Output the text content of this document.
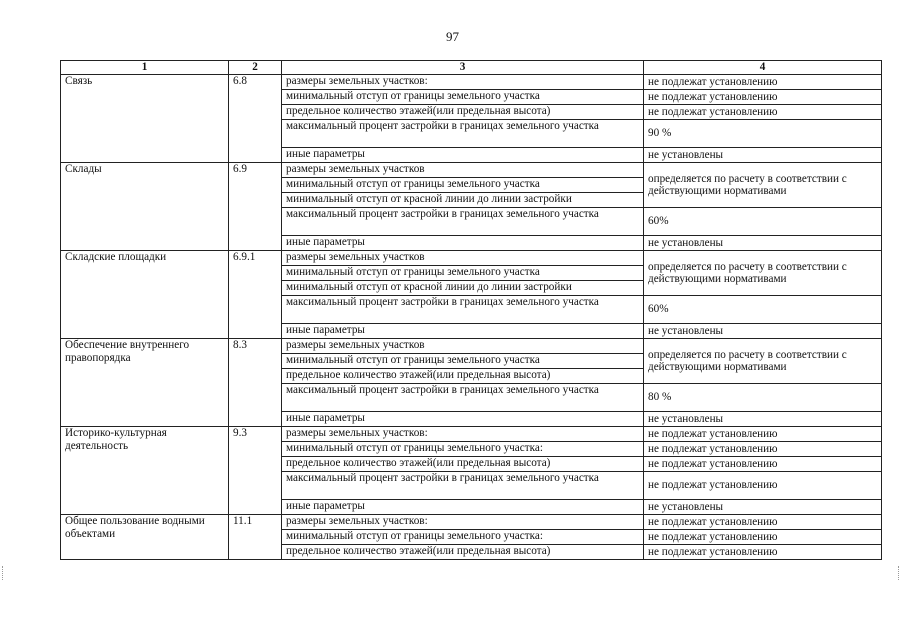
97
1	2	3	4
Связь	6.8	размеры земельных участков:	не подлежат установлению
		минимальный отступ от границы земельного участка	не подлежат установлению
		предельное количество этажей(или предельная высота)	не подлежат установлению
		максимальный процент застройки в границах земельного участка	90 %
		иные параметры	не установлены
Склады	6.9	размеры земельных участков	определяется по расчету в соответствии с действующими нормативами
		минимальный отступ от границы земельного участка	
		минимальный отступ от красной линии до линии застройки	
		максимальный процент застройки в границах земельного участка	60%
		иные параметры	не установлены
Складские площадки	6.9.1	размеры земельных участков	определяется по расчету в соответствии с действующими нормативами
		минимальный отступ от границы земельного участка	
		минимальный отступ от красной линии до линии застройки	
		максимальный процент застройки в границах земельного участка	60%
		иные параметры	не установлены
Обеспечение внутреннего правопорядка	8.3	размеры земельных участков	определяется по расчету в соответствии с действующими нормативами
		минимальный отступ от границы земельного участка	
		предельное количество этажей(или предельная высота)	
		максимальный процент застройки в границах земельного участка	80 %
		иные параметры	не установлены
Историко-культурная деятельность	9.3	размеры земельных участков:	не подлежат установлению
		минимальный отступ от границы земельного участка:	не подлежат установлению
		предельное количество этажей(или предельная высота)	не подлежат установлению
		максимальный процент застройки в границах земельного участка	не подлежат установлению
		иные параметры	не установлены
Общее пользование водными объектами	11.1	размеры земельных участков:	не подлежат установлению
		минимальный отступ от границы земельного участка:	не подлежат установлению
		предельное количество этажей(или предельная высота)	не подлежат установлению
